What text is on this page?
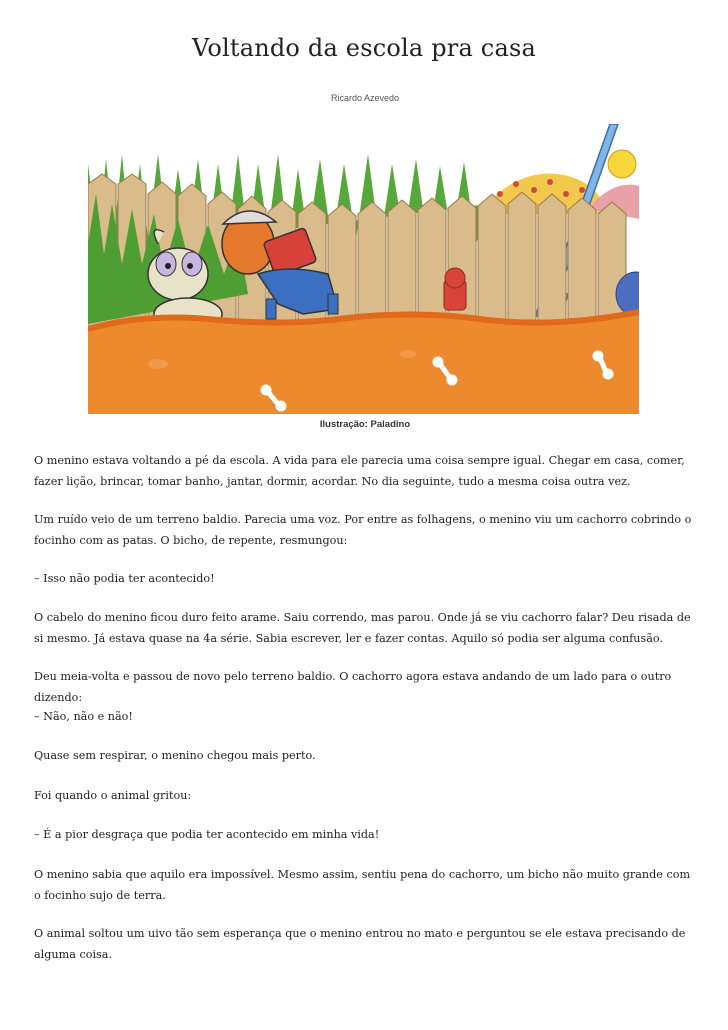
Voltando da escola pra casa
Ricardo Azevedo
Ilustração: Paladino

O menino estava voltando a pé da escola. A vida para ele parecia uma coisa sempre igual. Chegar em casa, comer, fazer lição, brincar, tomar banho, jantar, dormir, acordar. No dia seguinte, tudo a mesma coisa outra vez.

Um ruído veio de um terreno baldio. Parecia uma voz. Por entre as folhagens, o menino viu um cachorro cobrindo o focinho com as patas. O bicho, de repente, resmungou:

– Isso não podia ter acontecido!

O cabelo do menino ficou duro feito arame. Saiu correndo, mas parou. Onde já se viu cachorro falar? Deu risada de si mesmo. Já estava quase na 4a série. Sabia escrever, ler e fazer contas. Aquilo só podia ser alguma confusão.

Deu meia-volta e passou de novo pelo terreno baldio. O cachorro agora estava andando de um lado para o outro dizendo:

– Não, não e não!

Quase sem respirar, o menino chegou mais perto.

Foi quando o animal gritou:

– É a pior desgraça que podia ter acontecido em minha vida!

O menino sabia que aquilo era impossível. Mesmo assim, sentiu pena do cachorro, um bicho não muito grande com o focinho sujo de terra.

O animal soltou um uivo tão sem esperança que o menino entrou no mato e perguntou se ele estava precisando de alguma coisa.
